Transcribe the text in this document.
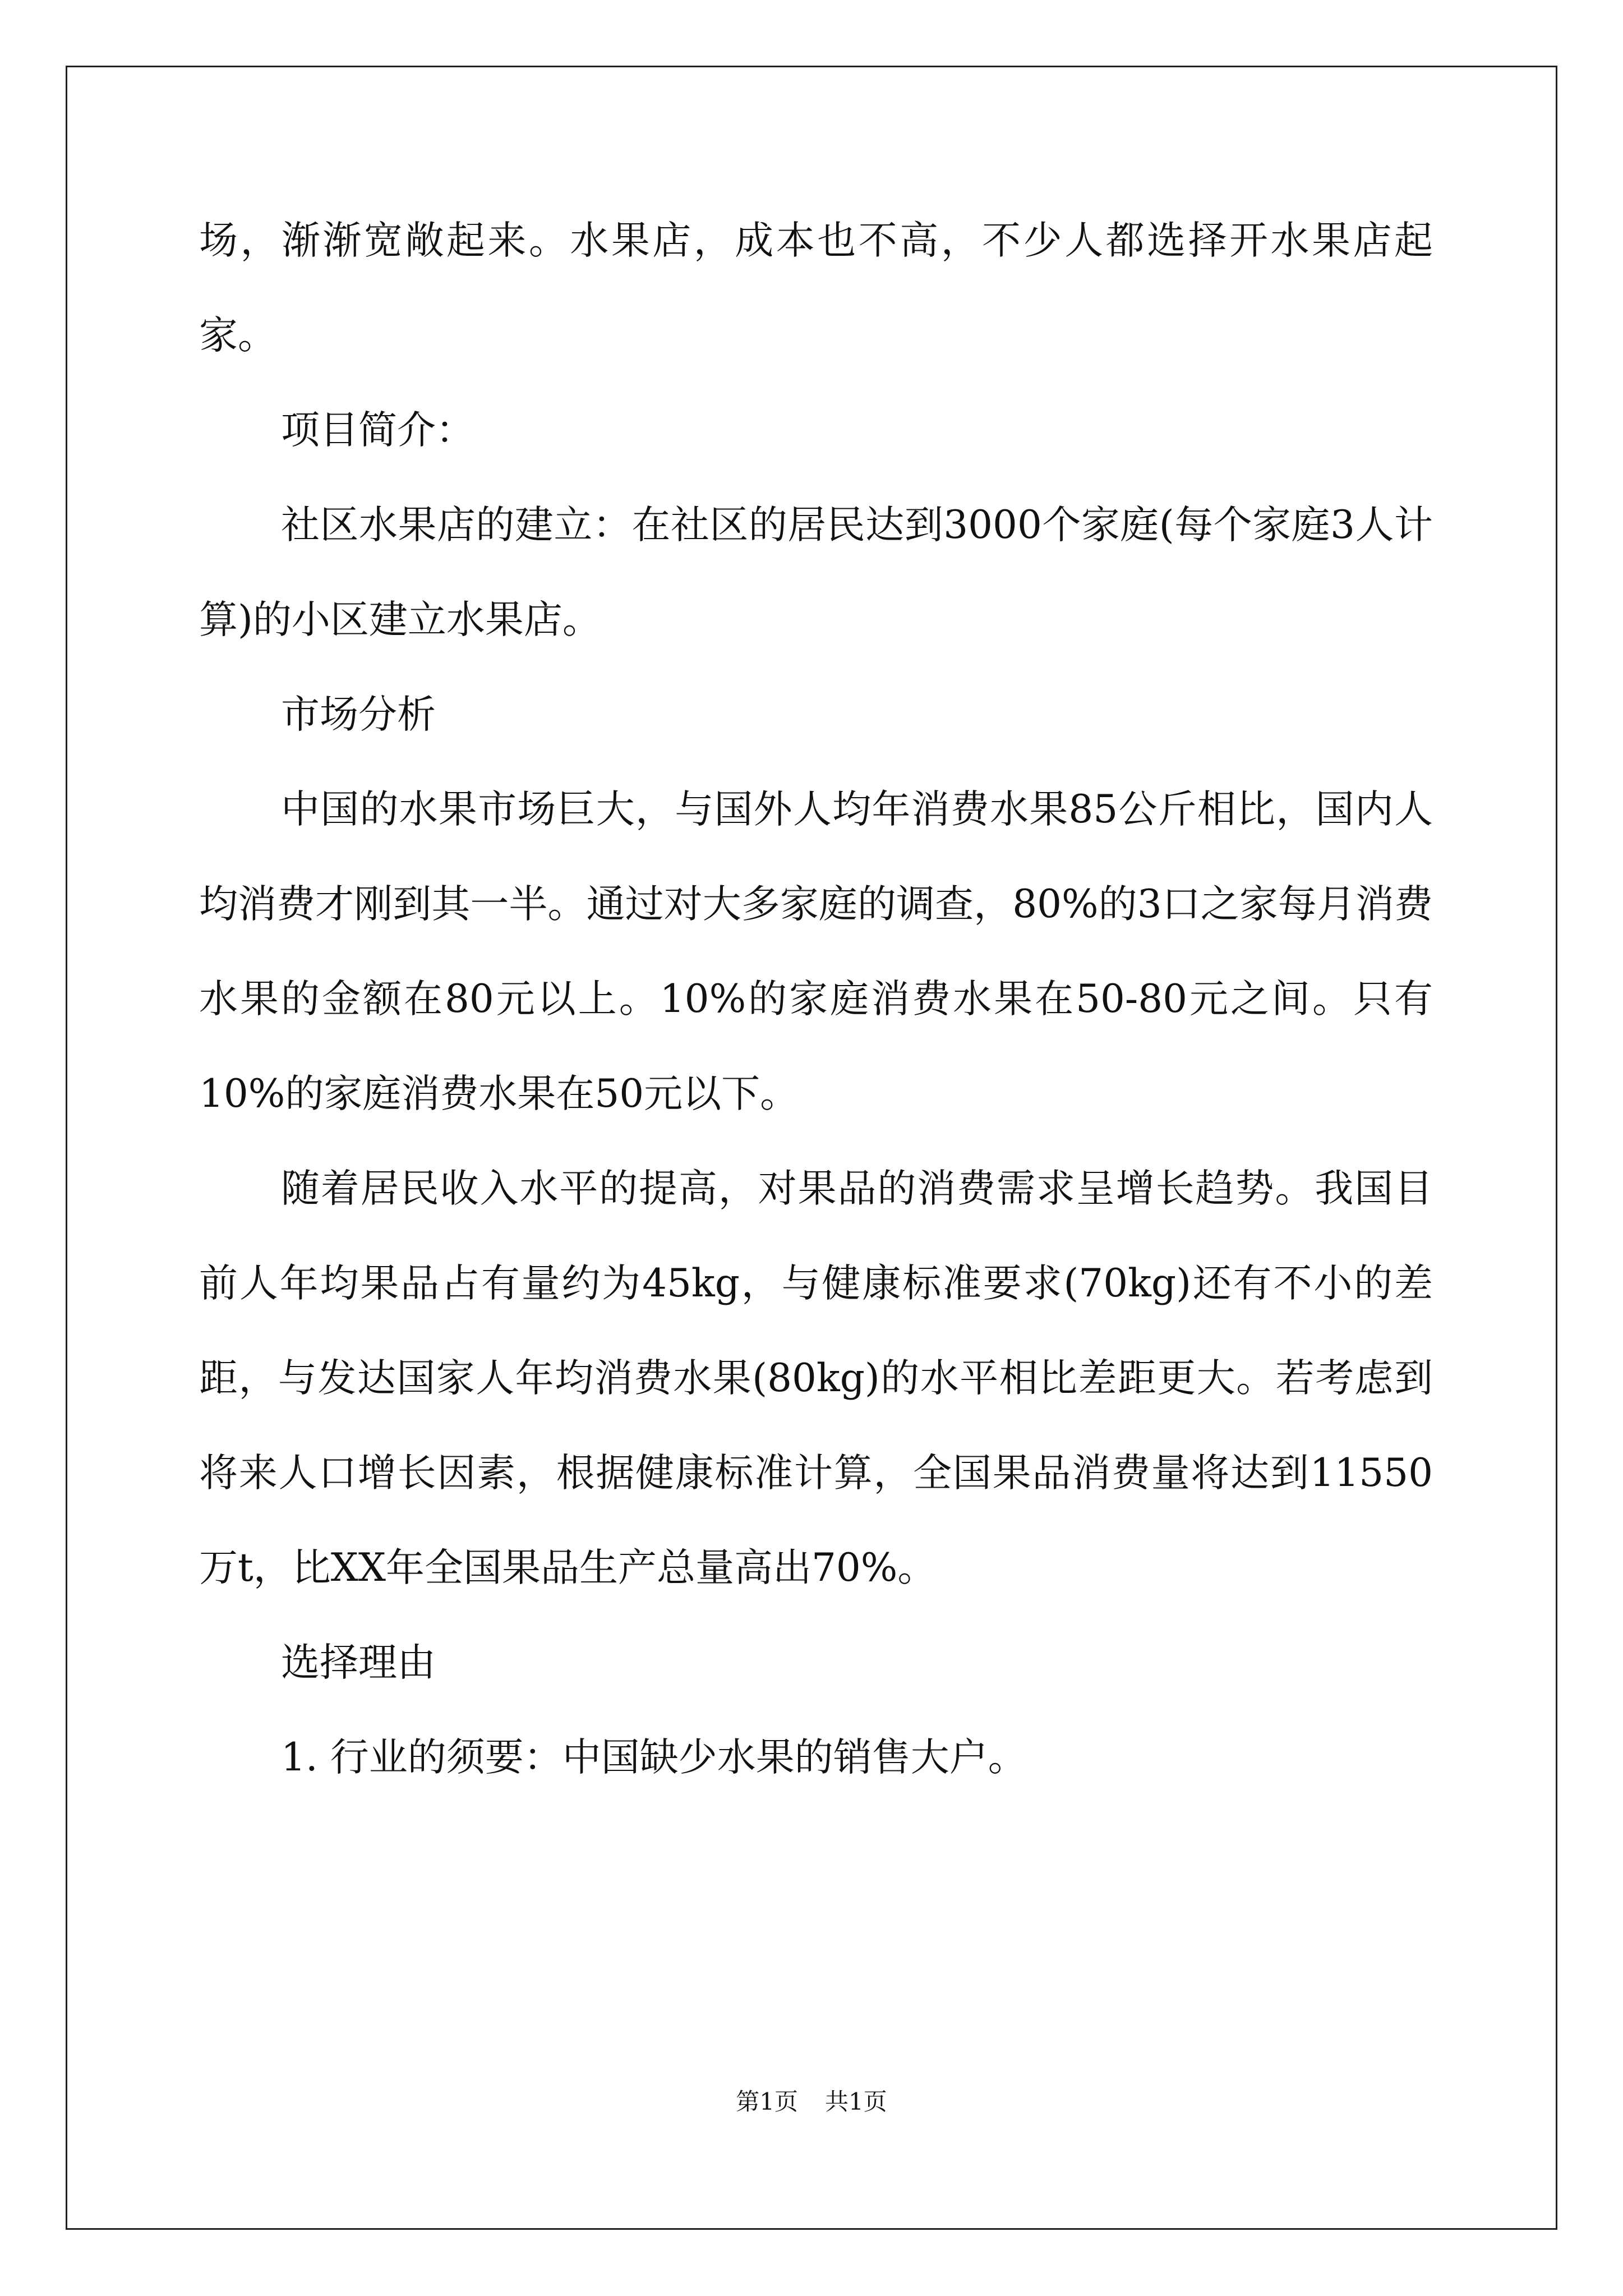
场，渐渐宽敞起来。水果店，成本也不高，不少人都选择开水果店起家。

项目简介：

社区水果店的建立：在社区的居民达到3000个家庭(每个家庭3人计算)的小区建立水果店。

市场分析

中国的水果市场巨大，与国外人均年消费水果85公斤相比，国内人均消费才刚到其一半。通过对大多家庭的调查，80%的3口之家每月消费水果的金额在80元以上。10%的家庭消费水果在50-80元之间。只有10%的家庭消费水果在50元以下。

随着居民收入水平的提高，对果品的消费需求呈增长趋势。我国目前人年均果品占有量约为45kg，与健康标准要求(70kg)还有不小的差距，与发达国家人年均消费水果(80kg)的水平相比差距更大。若考虑到将来人口增长因素，根据健康标准计算，全国果品消费量将达到11550万t，比XX年全国果品生产总量高出70%。

选择理由

1. 行业的须要：中国缺少水果的销售大户。

第1页 共1页
